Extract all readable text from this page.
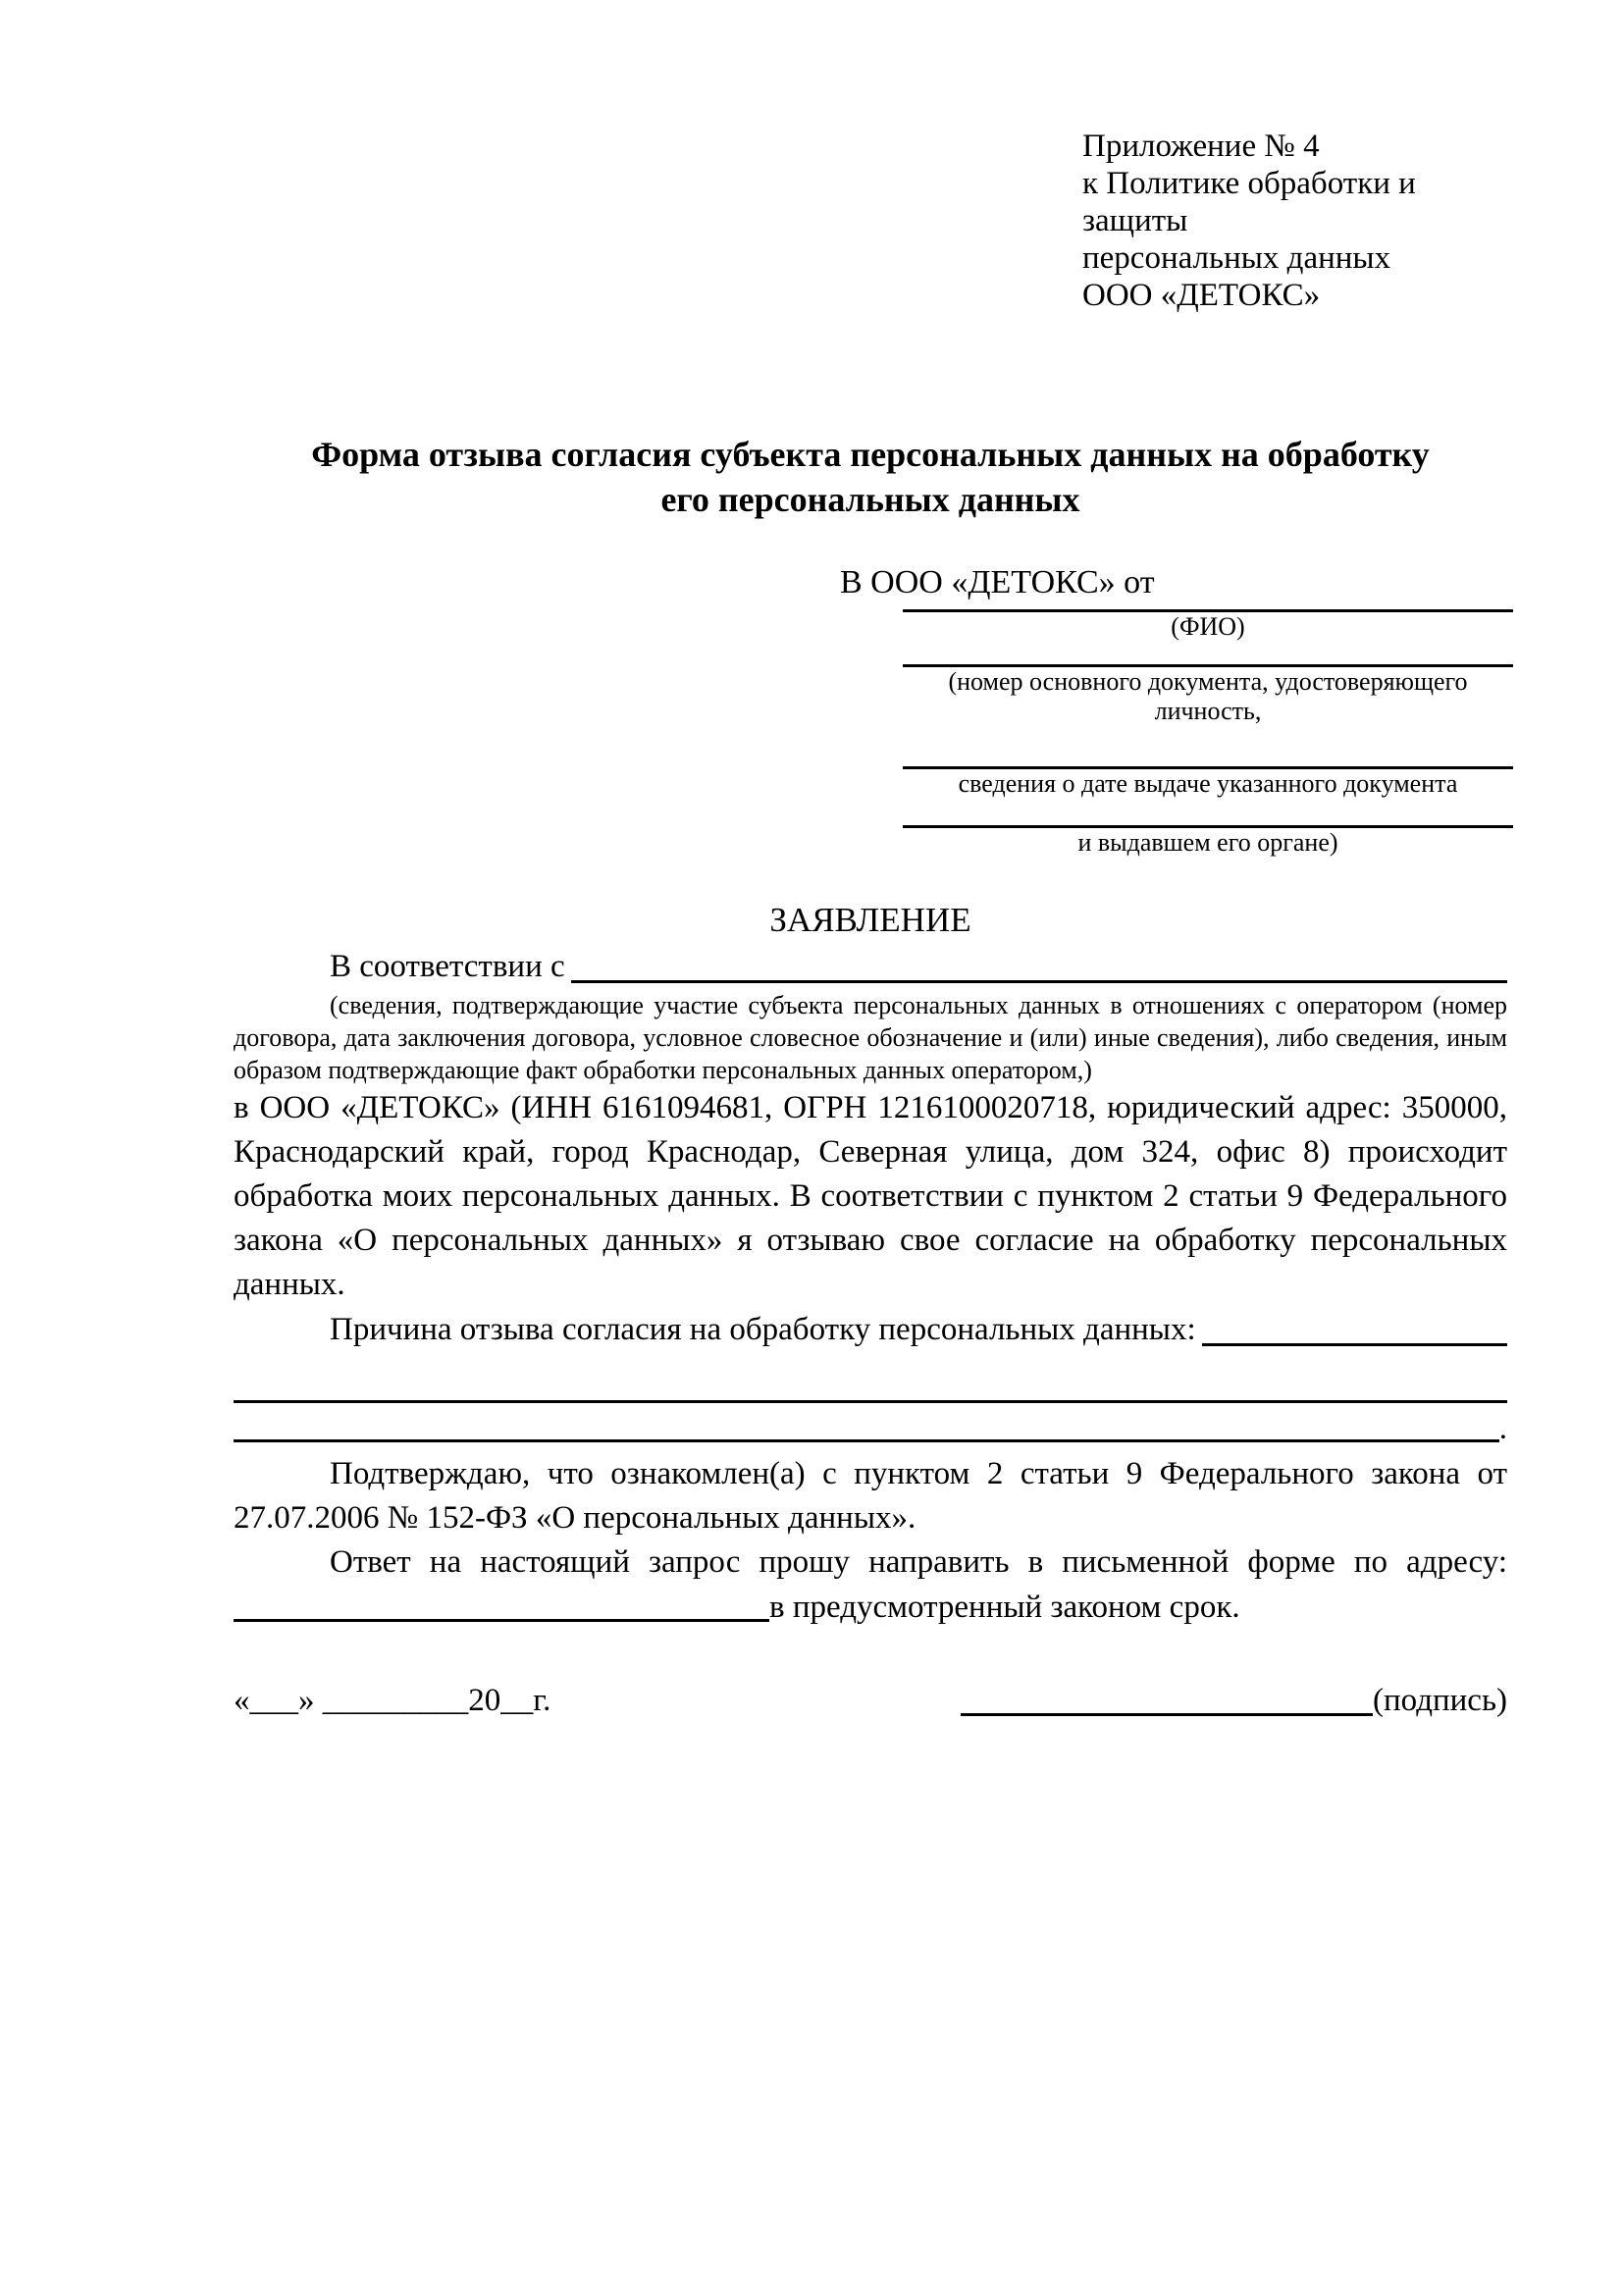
Приложение № 4
к Политике обработки и защиты
персональных данных
ООО «ДЕТОКС»
Форма отзыва согласия субъекта персональных данных на обработку
его персональных данных
В ООО «ДЕТОКС» от
(ФИО)
(номер основного документа, удостоверяющего личность,
сведения о дате выдаче указанного документа
и выдавшем его органе)
ЗАЯВЛЕНИЕ
В соответствии с
(сведения, подтверждающие участие субъекта персональных данных в отношениях с оператором (номер договора, дата заключения договора, условное словесное обозначение и (или) иные сведения), либо сведения, иным образом подтверждающие факт обработки персональных данных оператором,)
в ООО «ДЕТОКС» (ИНН 6161094681, ОГРН 1216100020718, юридический адрес: 350000, Краснодарский край, город Краснодар, Северная улица, дом 324, офис 8) происходит обработка моих персональных данных. В соответствии с пунктом 2 статьи 9 Федерального закона «О персональных данных» я отзываю свое согласие на обработку персональных данных.
Причина отзыва согласия на обработку персональных данных:
.
Подтверждаю, что ознакомлен(а) с пунктом 2 статьи 9 Федерального закона от 27.07.2006 № 152-ФЗ «О персональных данных».
Ответ на настоящий запрос прошу направить в письменной форме по адресу:
в предусмотренный законом срок.
«___» _________20__г.	(подпись)
